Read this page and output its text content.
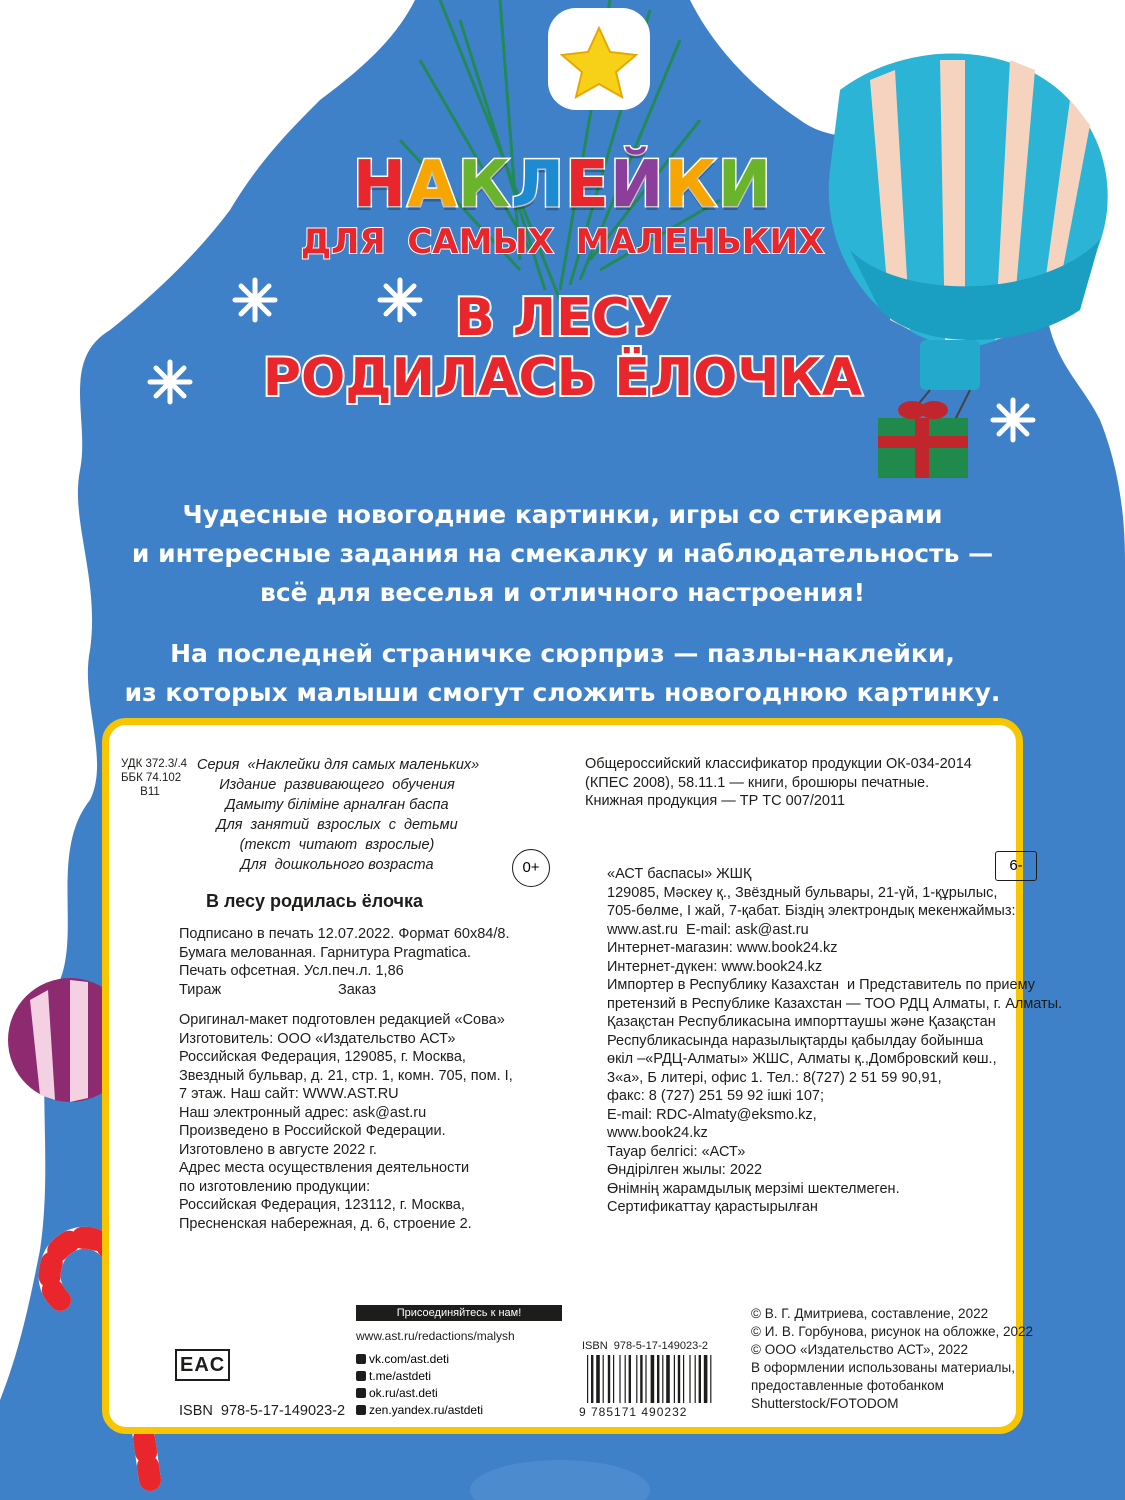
НАКЛЕЙКИ
ДЛЯ САМЫХ МАЛЕНЬКИХ
В ЛЕСУ
РОДИЛАСЬ ЁЛОЧКА
Чудесные новогодние картинки, игры со стикерами
и интересные задания на смекалку и наблюдательность —
всё для веселья и отличного настроения!
На последней страничке сюрприз — пазлы-наклейки,
из которых малыши смогут сложить новогоднюю картинку.
УДК 372.3/.4
ББК 74.102
В11
Серия  «Наклейки для самых маленьких»
Издание  развивающего  обучения
Дамыту біліміне арналған баспа
Для  занятий  взрослых  с  детьми
(текст  читают  взрослые)
Для  дошкольного возраста	0+
В лесу родилась ёлочка
Подписано в печать 12.07.2022. Формат 60х84/8.
Бумага мелованная. Гарнитура Pragmatica.
Печать офсетная. Усл.печ.л. 1,86
Тираж                             Заказ
Оригинал-макет подготовлен редакцией «Сова»
Изготовитель: ООО «Издательство АСТ»
Российская Федерация, 129085, г. Москва,
Звездный бульвар, д. 21, стр. 1, комн. 705, пом. I,
7 этаж. Наш сайт: WWW.AST.RU
Наш электронный адрес: ask@ast.ru
Произведено в Российской Федерации.
Изготовлено в августе 2022 г.
Адрес места осуществления деятельности
по изготовлению продукции:
Российская Федерация, 123112, г. Москва,
Пресненская набережная, д. 6, строение 2.
Общероссийский классификатор продукции ОК-034-2014
(КПЕС 2008), 58.11.1 — книги, брошюры печатные.
Книжная продукция — ТР ТС 007/2011
6-
«АСТ баспасы» ЖШҚ
129085, Мәскеу қ., Звёздный бульвары, 21-үй, 1-құрылыс,
705-бөлме, I жай, 7-қабат. Біздің электрондық мекенжаймыз:
www.ast.ru  E-mail: ask@ast.ru
Интернет-магазин: www.book24.kz
Интернет-дүкен: www.book24.kz
Импортер в Республику Казахстан  и Представитель по приему
претензий в Республике Казахстан — ТОО РДЦ Алматы, г. Алматы.
Қазақстан Республикасына импорттаушы және Қазақстан
Республикасында наразылықтарды қабылдау бойынша
өкіл –«РДЦ-Алматы» ЖШС, Алматы қ.,Домбровский көш.,
3«а», Б литері, офис 1. Тел.: 8(727) 2 51 59 90,91,
факс: 8 (727) 251 59 92 ішкі 107;
E-mail: RDC-Almaty@eksmo.kz,
www.book24.kz
Тауар белгісі: «АСТ»
Өндірілген жылы: 2022
Өнімнің жарамдылық мерзімі шектелмеген.
Сертификаттау қарастырылған
Присоединяйтесь к нам!
www.ast.ru/redactions/malysh
vk.com/ast.deti
t.me/astdeti
ok.ru/ast.deti
zen.yandex.ru/astdeti
EAC
ISBN  978-5-17-149023-2
ISBN  978-5-17-149023-2
9 785171 490232
© В. Г. Дмитриева, составление, 2022
© И. В. Горбунова, рисунок на обложке, 2022
© ООО «Издательство АСТ», 2022
В оформлении использованы материалы,
предоставленные фотобанком
Shutterstock/FOTODOM
